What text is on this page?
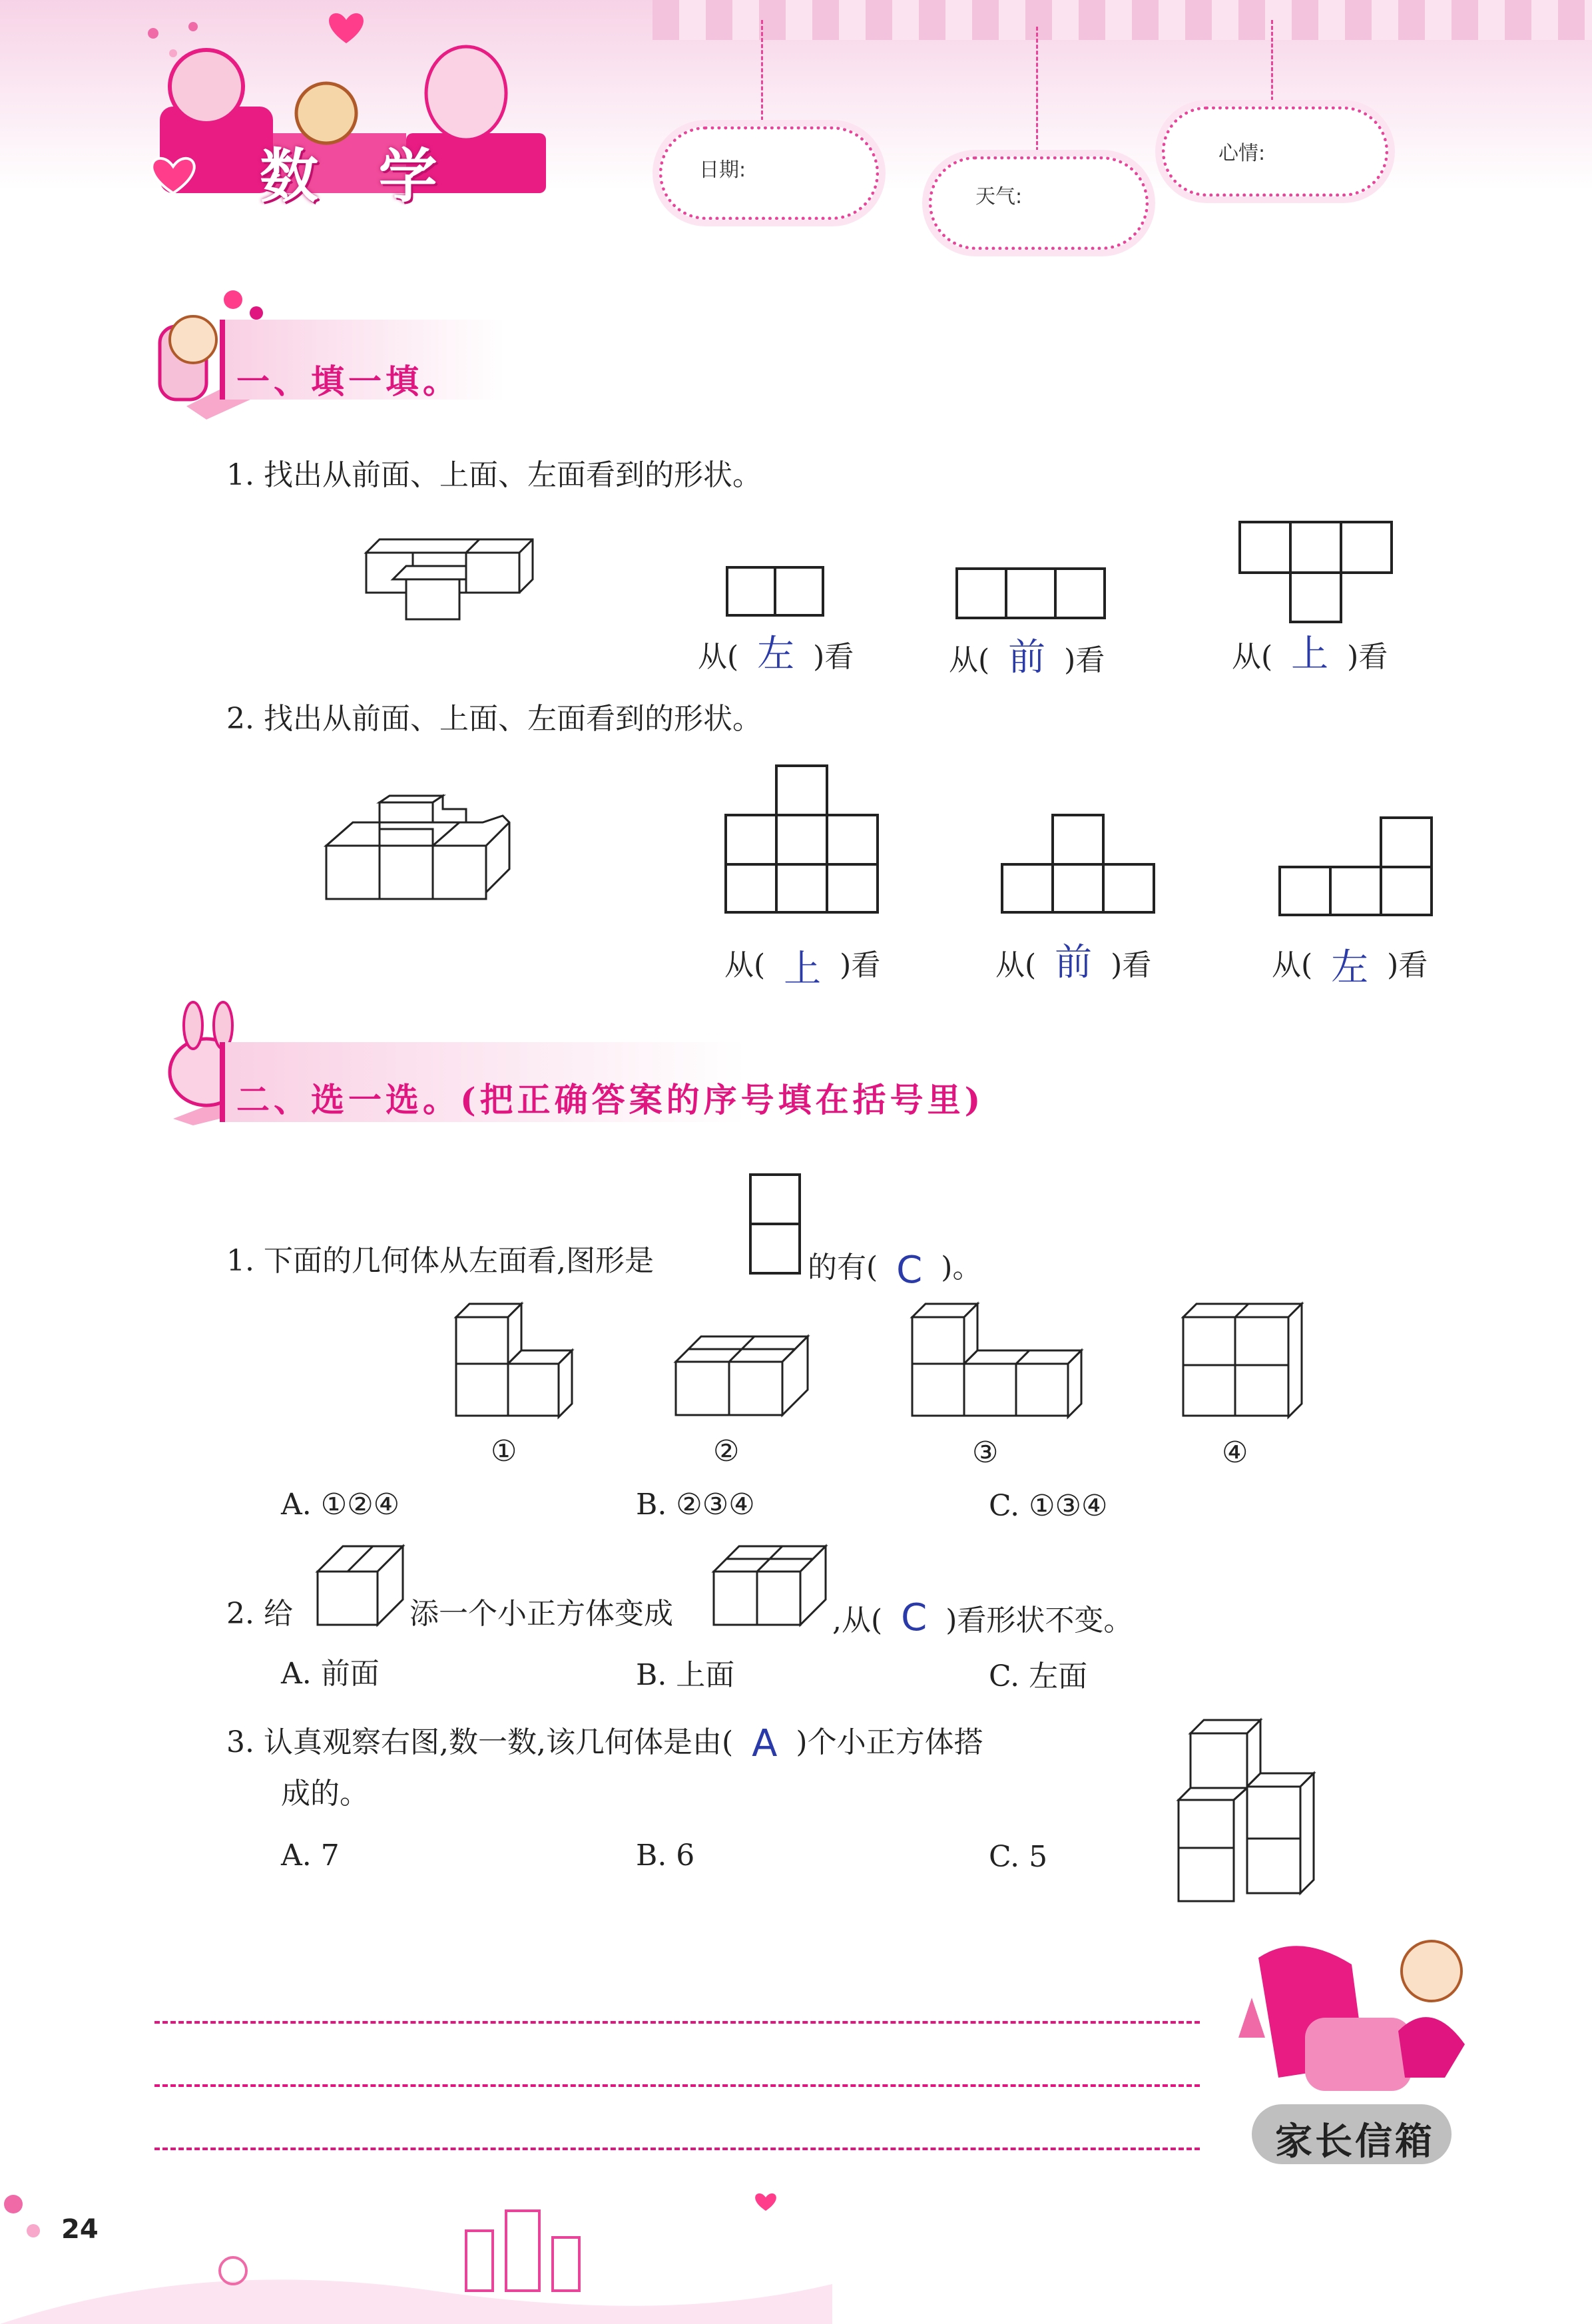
数 学	日期:
天气:
心情:
一、填一填。
1. 找出从前面、上面、左面看到的形状。
从( 左 )看	从( 前 )看	从( 上 )看
2. 找出从前面、上面、左面看到的形状。
从( 上 )看	从( 前 )看	从( 左 )看
二、选一选。(把正确答案的序号填在括号里)
1. 下面的几何体从左面看,图形是	的有( C )。
①	②	③	④
A. ①②④	B. ②③④	C. ①③④
2. 给	添一个小正方体变成	,从( C )看形状不变。
A. 前面	B. 上面	C. 左面
3. 认真观察右图,数一数,该几何体是由( A )个小正方体搭
成的。
A. 7	B. 6	C. 5
家长信箱
24
